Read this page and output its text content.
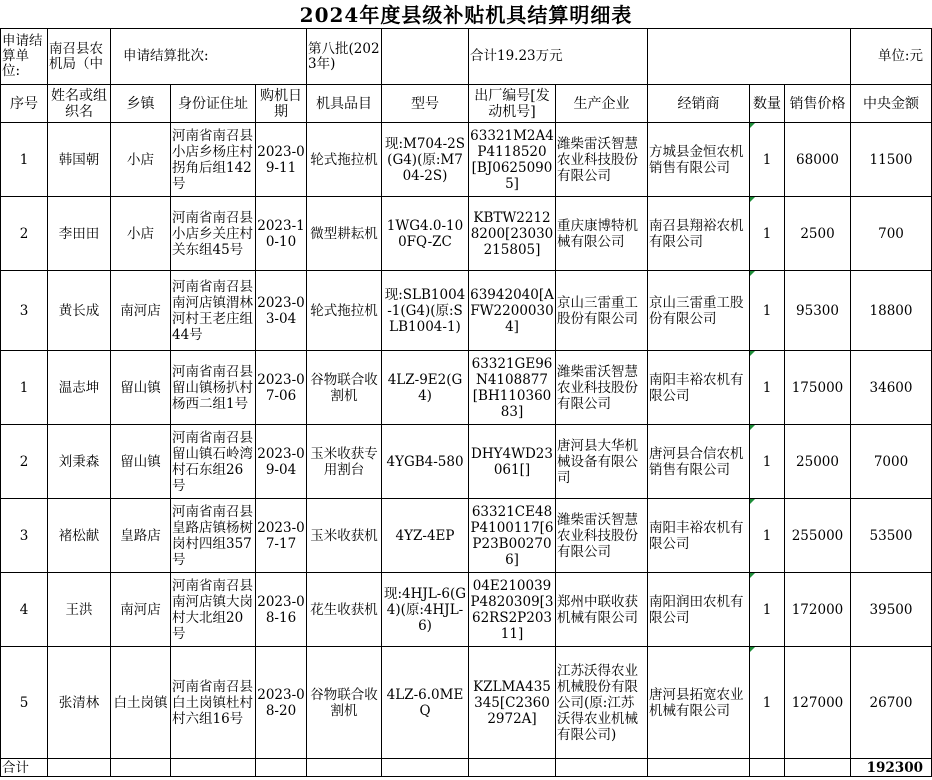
2024年度县级补贴机具结算明细表
申请结算单位:	南召县农机局（中	申请结算批次:			第八批(2023年)		合计19.23万元					单位:元
序号	姓名或组织名	乡镇	身份证住址	购机日期	机具品目	型号	出厂编号[发动机号]	生产企业	经销商	数量	销售价格	中央金额
1	韩国朝	小店	河南省南召县小店乡杨庄村拐角后组142号	2023-09-11	轮式拖拉机	现:M704-2S(G4)(原:M704-2S)	63321M2A4P4118520[BJ06250905]	潍柴雷沃智慧农业科技股份有限公司	方城县金恒农机销售有限公司	1	68000	11500
2	李田田	小店	河南省南召县小店乡关庄村关东组45号	2023-10-10	微型耕耘机	1WG4.0-100FQ-ZC	KBTW22128200[23030215805]	重庆康博特机械有限公司	南召县翔裕农机有限公司	1	2500	700
3	黄长成	南河店	河南省南召县南河店镇渭林河村王老庄组44号	2023-03-04	轮式拖拉机	现:SLB1004-1(G4)(原:SLB1004-1)	63942040[AFW22000304]	京山三雷重工股份有限公司	京山三雷重工股份有限公司	1	95300	18800
1	温志坤	留山镇	河南省南召县留山镇杨扒村杨西二组1号	2023-07-06	谷物联合收割机	4LZ-9E2(G4)	63321GE96N4108877[BH11036083]	潍柴雷沃智慧农业科技股份有限公司	南阳丰裕农机有限公司	1	175000	34600
2	刘秉森	留山镇	河南省南召县留山镇石岭湾村石东组26号	2023-09-04	玉米收获专用割台	4YGB4-580	DHY4WD23061[]	唐河县大华机械设备有限公司	唐河县合信农机销售有限公司	1	25000	7000
3	褚松献	皇路店	河南省南召县皇路店镇杨树岗村四组357号	2023-07-17	玉米收获机	4YZ-4EP	63321CE48P4100117[6P23B002706]	潍柴雷沃智慧农业科技股份有限公司	南阳丰裕农机有限公司	1	255000	53500
4	王洪	南河店	河南省南召县南河店镇大岗村大北组20号	2023-08-16	花生收获机	现:4HJL-6(G4)(原:4HJL-6)	04E210039P4820309[362RS2P20311]	郑州中联收获机械有限公司	南阳润田农机有限公司	1	172000	39500
5	张清林	白土岗镇	河南省南召县白土岗镇杜村村六组16号	2023-08-20	谷物联合收割机	4LZ-6.0MEQ	KZLMA435345[C23602972A]	江苏沃得农业机械股份有限公司(原:江苏沃得农业机械有限公司)	唐河县拓宽农业机械有限公司	1	127000	26700
合计												192300
